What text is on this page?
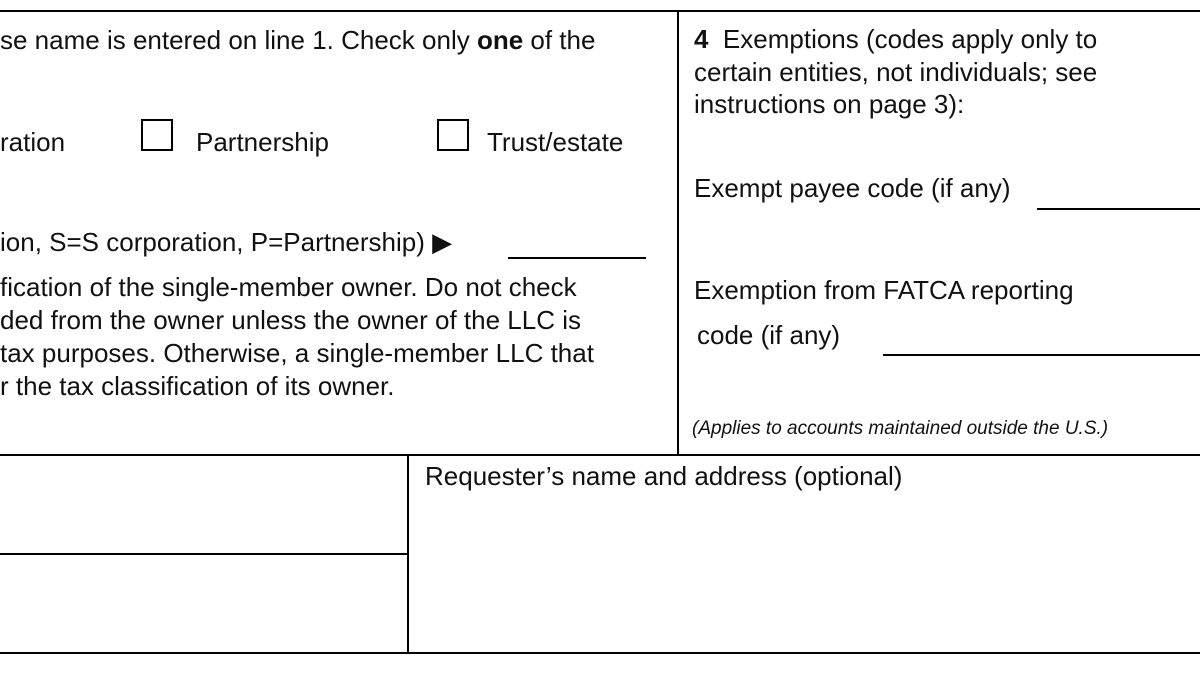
se name is entered on line 1. Check only one of the
ration	Partnership	Trust/estate
ion, S=S corporation, P=Partnership) ▶
fication of the single-member owner. Do not check
ded from the owner unless the owner of the LLC is
tax purposes. Otherwise, a single-member LLC that
r the tax classification of its owner.
4 Exemptions (codes apply only to
certain entities, not individuals; see
instructions on page 3):
Exempt payee code (if any)
Exemption from FATCA reporting
code (if any)
(Applies to accounts maintained outside the U.S.)
Requester’s name and address (optional)
